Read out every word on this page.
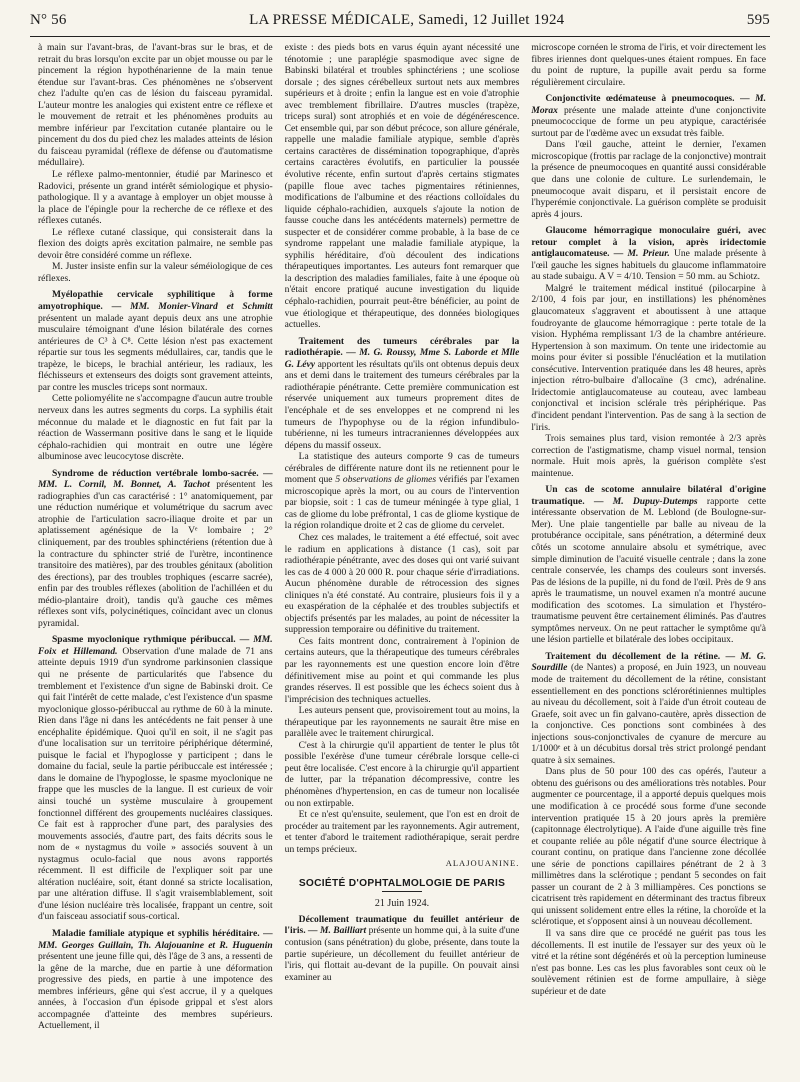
N° 56	LA PRESSE MÉDICALE, Samedi, 12 Juillet 1924	595

à main sur l'avant-bras, de l'avant-bras sur le bras, et de retrait du bras lorsqu'on excite par un objet mousse ou par le pincement la région hypothénarienne de la main tenue étendue sur l'avant-bras. Ces phénomènes ne s'observent chez l'adulte qu'en cas de lésion du faisceau pyramidal. L'auteur montre les analogies qui existent entre ce réflexe et le mouvement de retrait et les phénomènes produits au membre inférieur par l'excitation cutanée plantaire ou le pincement du dos du pied chez les malades atteints de lésion du faisceau pyramidal (réflexe de défense ou d'automatisme médullaire).

Le réflexe palmo-mentonnier, étudié par Marinesco et Radovici, présente un grand intérêt sémiologique et physio-pathologique. Il y a avantage à employer un objet mousse à la place de l'épingle pour la recherche de ce réflexe et des réflexes cutanés.

Le réflexe cutané classique, qui consisterait dans la flexion des doigts après excitation palmaire, ne semble pas devoir être considéré comme un réflexe.

M. Juster insiste enfin sur la valeur séméiologique de ces réflexes.

Myélopathie cervicale syphilitique à forme amyotrophique. — MM. Monier-Vinard et Schmitt présentent un malade ayant depuis deux ans une atrophie musculaire témoignant d'une lésion bilatérale des cornes antérieures de C³ à C⁸. Cette lésion n'est pas exactement répartie sur tous les segments médullaires, car, tandis que le trapèze, le biceps, le brachial antérieur, les radiaux, les fléchisseurs et extenseurs des doigts sont gravement atteints, par contre les muscles triceps sont normaux.

Cette poliomyélite ne s'accompagne d'aucun autre trouble nerveux dans les autres segments du corps. La syphilis était méconnue du malade et le diagnostic en fut fait par la réaction de Wassermann positive dans le sang et le liquide céphalo-rachidien qui montrait en outre une légère albuminose avec leucocytose discrète.

Syndrome de réduction vertébrale lombo-sacrée. — MM. L. Cornil, M. Bonnet, A. Tachot présentent les radiographies d'un cas caractérisé : 1° anatomiquement, par une réduction numérique et volumétrique du sacrum avec atrophie de l'articulation sacro-iliaque droite et par un aplatissement agénésique de la Vᵉ lombaire ; 2° cliniquement, par des troubles sphinctériens (rétention due à la contracture du sphincter strié de l'urètre, incontinence transitoire des matières), par des troubles génitaux (abolition des érections), par des troubles trophiques (escarre sacrée), enfin par des troubles réflexes (abolition de l'achilléen et du médio-plantaire droit), tandis qu'à gauche ces mêmes réflexes sont vifs, polycinétiques, coïncidant avec un clonus pyramidal.

Spasme myoclonique rythmique péribuccal. — MM. Foix et Hillemand. Observation d'une malade de 71 ans atteinte depuis 1919 d'un syndrome parkinsonien classique qui ne présente de particularités que l'absence du tremblement et l'existence d'un signe de Babinski droit. Ce qui fait l'intérêt de cette malade, c'est l'existence d'un spasme myoclonique glosso-péribuccal au rythme de 60 à la minute. Rien dans l'âge ni dans les antécédents ne fait penser à une encéphalite épidémique. Quoi qu'il en soit, il ne s'agit pas d'une localisation sur un territoire périphérique déterminé, puisque le facial et l'hypoglosse y participent ; dans le domaine du facial, seule la partie péribuccale est intéressée ; dans le domaine de l'hypoglosse, le spasme myoclonique ne frappe que les muscles de la langue. Il est curieux de voir ainsi touché un système musculaire à groupement fonctionnel différent des groupements nucléaires classiques. Ce fait est à rapprocher d'une part, des paralysies des mouvements associés, d'autre part, des faits décrits sous le nom de « nystagmus du voile » associés souvent à un nystagmus oculo-facial que nous avons rapportés récemment. Il est difficile de l'expliquer soit par une altération nucléaire, soit, étant donné sa stricte localisation, par une altération diffuse. Il s'agit vraisemblablement, soit d'une lésion nucléaire très localisée, frappant un centre, soit d'un faisceau associatif sous-cortical.

Maladie familiale atypique et syphilis héréditaire. — MM. Georges Guillain, Th. Alajouanine et R. Huguenin présentent une jeune fille qui, dès l'âge de 3 ans, a ressenti de la gêne de la marche, due en partie à une déformation progressive des pieds, en partie à une impotence des membres inférieurs, gêne qui s'est accrue, il y a quelques années, à l'occasion d'un épisode grippal et s'est alors accompagnée d'atteinte des membres supérieurs. Actuellement, il

existe : des pieds bots en varus équin ayant nécessité une ténotomie ; une paraplégie spasmodique avec signe de Babinski bilatéral et troubles sphinctériens ; une scoliose dorsale ; des signes cérébelleux surtout nets aux membres supérieurs et à droite ; enfin la langue est en voie d'atrophie avec tremblement fibrillaire. D'autres muscles (trapèze, triceps sural) sont atrophiés et en voie de dégénérescence. Cet ensemble qui, par son début précoce, son allure générale, rappelle une maladie familiale atypique, semble d'après certains caractères de dissémination topographique, d'après certains caractères évolutifs, en particulier la poussée évolutive récente, enfin surtout d'après certains stigmates (papille floue avec taches pigmentaires rétiniennes, modifications de l'albumine et des réactions colloïdales du liquide céphalo-rachidien, auxquels s'ajoute la notion de fausse couche dans les antécédents maternels) permettre de suspecter et de considérer comme probable, à la base de ce syndrome rappelant une maladie familiale atypique, la syphilis héréditaire, d'où découlent des indications thérapeutiques importantes. Les auteurs font remarquer que la description des maladies familiales, faite à une époque où n'était encore pratiqué aucune investigation du liquide céphalo-rachidien, pourrait peut-être bénéficier, au point de vue étiologique et thérapeutique, des données biologiques actuelles.

Traitement des tumeurs cérébrales par la radiothérapie. — M. G. Roussy, Mme S. Laborde et Mlle G. Lévy apportent les résultats qu'ils ont obtenus depuis deux ans et demi dans le traitement des tumeurs cérébrales par la radiothérapie pénétrante. Cette première communication est réservée uniquement aux tumeurs proprement dites de l'encéphale et de ses enveloppes et ne comprend ni les tumeurs de l'hypophyse ou de la région infundibulo-tubérienne, ni les tumeurs intracraniennes développées aux dépens du massif osseux.

La statistique des auteurs comporte 9 cas de tumeurs cérébrales de différente nature dont ils ne retiennent pour le moment que 5 observations de gliomes vérifiés par l'examen microscopique après la mort, ou au cours de l'intervention par biopsie, soit : 1 cas de tumeur méningée à type glial, 1 cas de gliome du lobe préfrontal, 1 cas de gliome kystique de la région rolandique droite et 2 cas de gliome du cervelet.

Chez ces malades, le traitement a été effectué, soit avec le radium en applications à distance (1 cas), soit par radiothérapie pénétrante, avec des doses qui ont varié suivant les cas de 4 000 à 20 000 R. pour chaque série d'irradiations. Aucun phénomène durable de rétrocession des signes cliniques n'a été constaté. Au contraire, plusieurs fois il y a eu exaspération de la céphalée et des troubles subjectifs et objectifs présentés par les malades, au point de nécessiter la suppression temporaire ou définitive du traitement.

Ces faits montrent donc, contrairement à l'opinion de certains auteurs, que la thérapeutique des tumeurs cérébrales par les rayonnements est une question encore loin d'être définitivement mise au point et qui commande les plus grandes réserves. Il est possible que les échecs soient dus à l'imprécision des techniques actuelles.

Les auteurs pensent que, provisoirement tout au moins, la thérapeutique par les rayonnements ne saurait être mise en parallèle avec le traitement chirurgical.

C'est à la chirurgie qu'il appartient de tenter le plus tôt possible l'exérèse d'une tumeur cérébrale lorsque celle-ci peut être localisée. C'est encore à la chirurgie qu'il appartient de lutter, par la trépanation décompressive, contre les phénomènes d'hypertension, en cas de tumeur non localisée ou non extirpable.

Et ce n'est qu'ensuite, seulement, que l'on est en droit de procéder au traitement par les rayonnements. Agir autrement, et tenter d'abord le traitement radiothérapique, serait perdre un temps précieux.

ALAJOUANINE.
SOCIÉTÉ D'OPHTALMOLOGIE DE PARIS
21 Juin 1924.

Décollement traumatique du feuillet antérieur de l'iris. — M. Bailliart présente un homme qui, à la suite d'une contusion (sans pénétration) du globe, présente, dans toute la partie supérieure, un décollement du feuillet antérieur de l'iris, qui flottait au-devant de la pupille. On pouvait ainsi examiner au

microscope cornéen le stroma de l'iris, et voir directement les fibres iriennes dont quelques-unes étaient rompues. En face du point de rupture, la pupille avait perdu sa forme régulièrement circulaire.

Conjonctivite œdémateuse à pneumocoques. — M. Morax présente une malade atteinte d'une conjonctivite pneumococcique de forme un peu atypique, caractérisée surtout par de l'œdème avec un exsudat très faible.

Dans l'œil gauche, atteint le dernier, l'examen microscopique (frottis par raclage de la conjonctive) montrait la présence de pneumocoques en quantité aussi considérable que dans une colonie de culture. Le surlendemain, le pneumocoque avait disparu, et il persistait encore de l'hyperémie conjonctivale. La guérison complète se produisit après 4 jours.

Glaucome hémorragique monoculaire guéri, avec retour complet à la vision, après iridectomie antiglaucomateuse. — M. Prieur. Une malade présente à l'œil gauche les signes habituels du glaucome inflammatoire au stade subaigu. A V = 4/10. Tension = 50 mm. au Schiotz.

Malgré le traitement médical institué (pilocarpine à 2/100, 4 fois par jour, en instillations) les phénomènes glaucomateux s'aggravent et aboutissent à une attaque foudroyante de glaucome hémorragique : perte totale de la vision. Hyphéma remplissant 1/3 de la chambre antérieure. Hypertension à son maximum. On tente une iridectomie au moins pour éviter si possible l'énucléation et la mutilation consécutive. Intervention pratiquée dans les 48 heures, après injection rétro-bulbaire d'allocaïne (3 cmc), adrénaline. Iridectomie antiglaucomateuse au couteau, avec lambeau conjonctival et incision sclérale très périphérique. Pas d'incident pendant l'intervention. Pas de sang à la section de l'iris.

Trois semaines plus tard, vision remontée à 2/3 après correction de l'astigmatisme, champ visuel normal, tension normale. Huit mois après, la guérison complète s'est maintenue.

Un cas de scotome annulaire bilatéral d'origine traumatique. — M. Dupuy-Dutemps rapporte cette intéressante observation de M. Leblond (de Boulogne-sur-Mer). Une plaie tangentielle par balle au niveau de la protubérance occipitale, sans pénétration, a déterminé deux côtés un scotome annulaire absolu et symétrique, avec simple diminution de l'acuité visuelle centrale ; dans la zone centrale conservée, les champs des couleurs sont inversés. Pas de lésions de la pupille, ni du fond de l'œil. Près de 9 ans après le traumatisme, un nouvel examen n'a montré aucune modification des scotomes. La simulation et l'hystéro-traumatisme peuvent être certainement éliminés. Pas d'autres symptômes nerveux. On ne peut rattacher le symptôme qu'à une lésion partielle et bilatérale des lobes occipitaux.

Traitement du décollement de la rétine. — M. G. Sourdille (de Nantes) a proposé, en Juin 1923, un nouveau mode de traitement du décollement de la rétine, consistant essentiellement en des ponctions sclérorétiniennes multiples au niveau du décollement, soit à l'aide d'un étroit couteau de Graefe, soit avec un fin galvano-cautère, après dissection de la conjonctive. Ces ponctions sont combinées à des injections sous-conjonctivales de cyanure de mercure au 1/1000ᵉ et à un décubitus dorsal très strict prolongé pendant quatre à six semaines.

Dans plus de 50 pour 100 des cas opérés, l'auteur a obtenu des guérisons ou des améliorations très notables. Pour augmenter ce pourcentage, il a apporté depuis quelques mois une modification à ce procédé sous forme d'une seconde intervention pratiquée 15 à 20 jours après la première (capitonnage électrolytique). A l'aide d'une aiguille très fine et coupante reliée au pôle négatif d'une source électrique à courant continu, on pratique dans l'ancienne zone décollée une série de ponctions capillaires pénétrant de 2 à 3 millimètres dans la sclérotique ; pendant 5 secondes on fait passer un courant de 2 à 3 milliampères. Ces ponctions se cicatrisent très rapidement en déterminant des tractus fibreux qui unissent solidement entre elles la rétine, la choroïde et la sclérotique, et s'opposent ainsi à un nouveau décollement.

Il va sans dire que ce procédé ne guérit pas tous les décollements. Il est inutile de l'essayer sur des yeux où le vitré et la rétine sont dégénérés et où la perception lumineuse n'est pas bonne. Les cas les plus favorables sont ceux où le soulèvement rétinien est de forme ampullaire, à siège supérieur et de date
